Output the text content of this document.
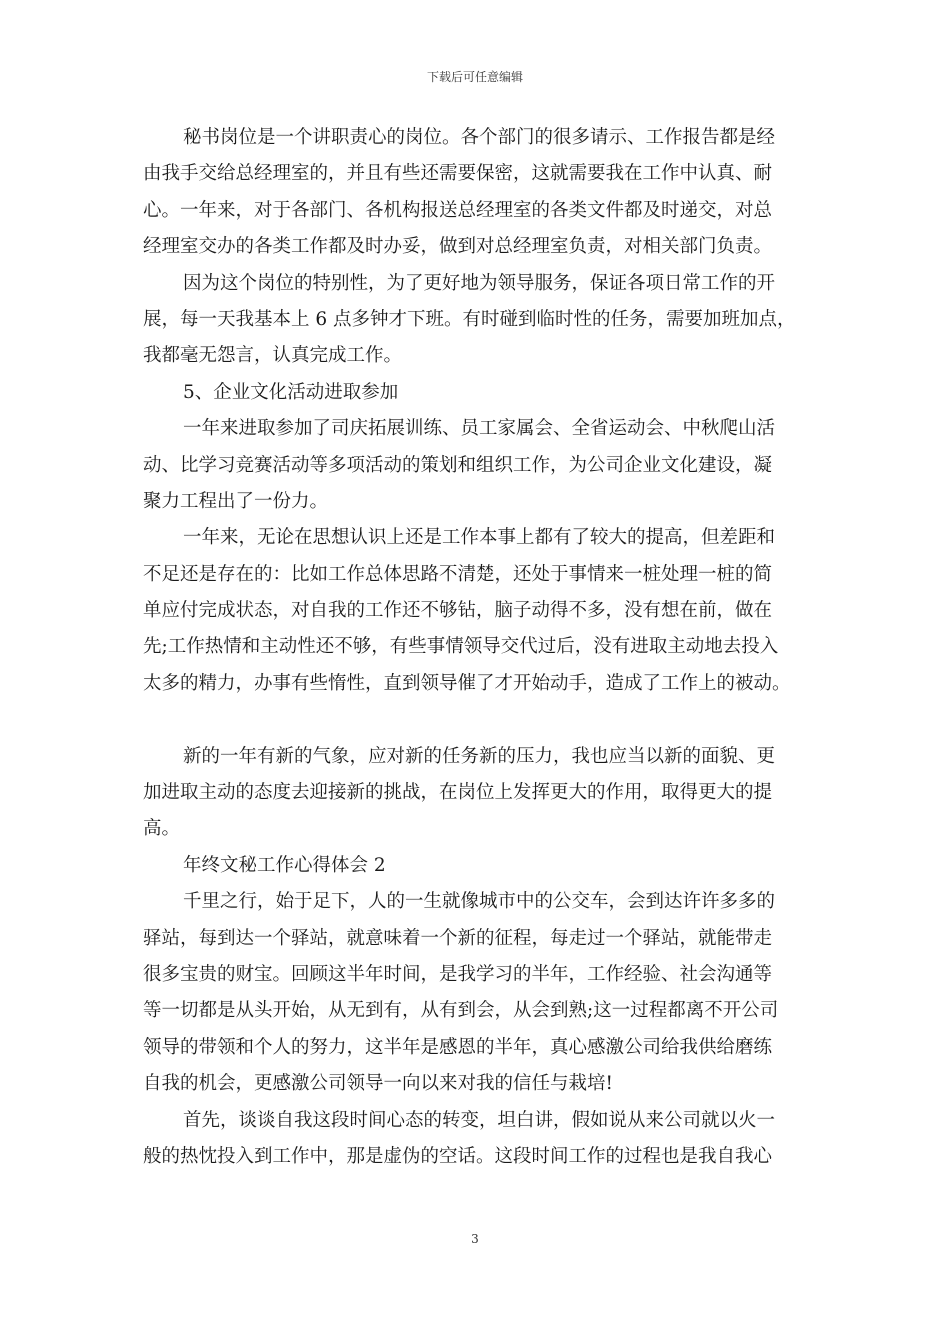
下载后可任意编辑
秘书岗位是一个讲职责心的岗位。各个部门的很多请示、工作报告都是经
由我手交给总经理室的，并且有些还需要保密，这就需要我在工作中认真、耐
心。一年来，对于各部门、各机构报送总经理室的各类文件都及时递交，对总
经理室交办的各类工作都及时办妥，做到对总经理室负责，对相关部门负责。
因为这个岗位的特别性，为了更好地为领导服务，保证各项日常工作的开
展，每一天我基本上 6 点多钟才下班。有时碰到临时性的任务，需要加班加点，
我都毫无怨言，认真完成工作。
5、企业文化活动进取参加
一年来进取参加了司庆拓展训练、员工家属会、全省运动会、中秋爬山活
动、比学习竞赛活动等多项活动的策划和组织工作，为公司企业文化建设，凝
聚力工程出了一份力。
一年来，无论在思想认识上还是工作本事上都有了较大的提高，但差距和
不足还是存在的：比如工作总体思路不清楚，还处于事情来一桩处理一桩的简
单应付完成状态，对自我的工作还不够钻，脑子动得不多，没有想在前，做在
先;工作热情和主动性还不够，有些事情领导交代过后，没有进取主动地去投入
太多的精力，办事有些惰性，直到领导催了才开始动手，造成了工作上的被动。
新的一年有新的气象，应对新的任务新的压力，我也应当以新的面貌、更
加进取主动的态度去迎接新的挑战，在岗位上发挥更大的作用，取得更大的提
高。
年终文秘工作心得体会 2
千里之行，始于足下，人的一生就像城市中的公交车，会到达许许多多的
驿站，每到达一个驿站，就意味着一个新的征程，每走过一个驿站，就能带走
很多宝贵的财宝。回顾这半年时间，是我学习的半年，工作经验、社会沟通等
等一切都是从头开始，从无到有，从有到会，从会到熟;这一过程都离不开公司
领导的带领和个人的努力，这半年是感恩的半年，真心感激公司给我供给磨练
自我的机会，更感激公司领导一向以来对我的信任与栽培!
首先，谈谈自我这段时间心态的转变，坦白讲，假如说从来公司就以火一
般的热忱投入到工作中，那是虚伪的空话。这段时间工作的过程也是我自我心
3
